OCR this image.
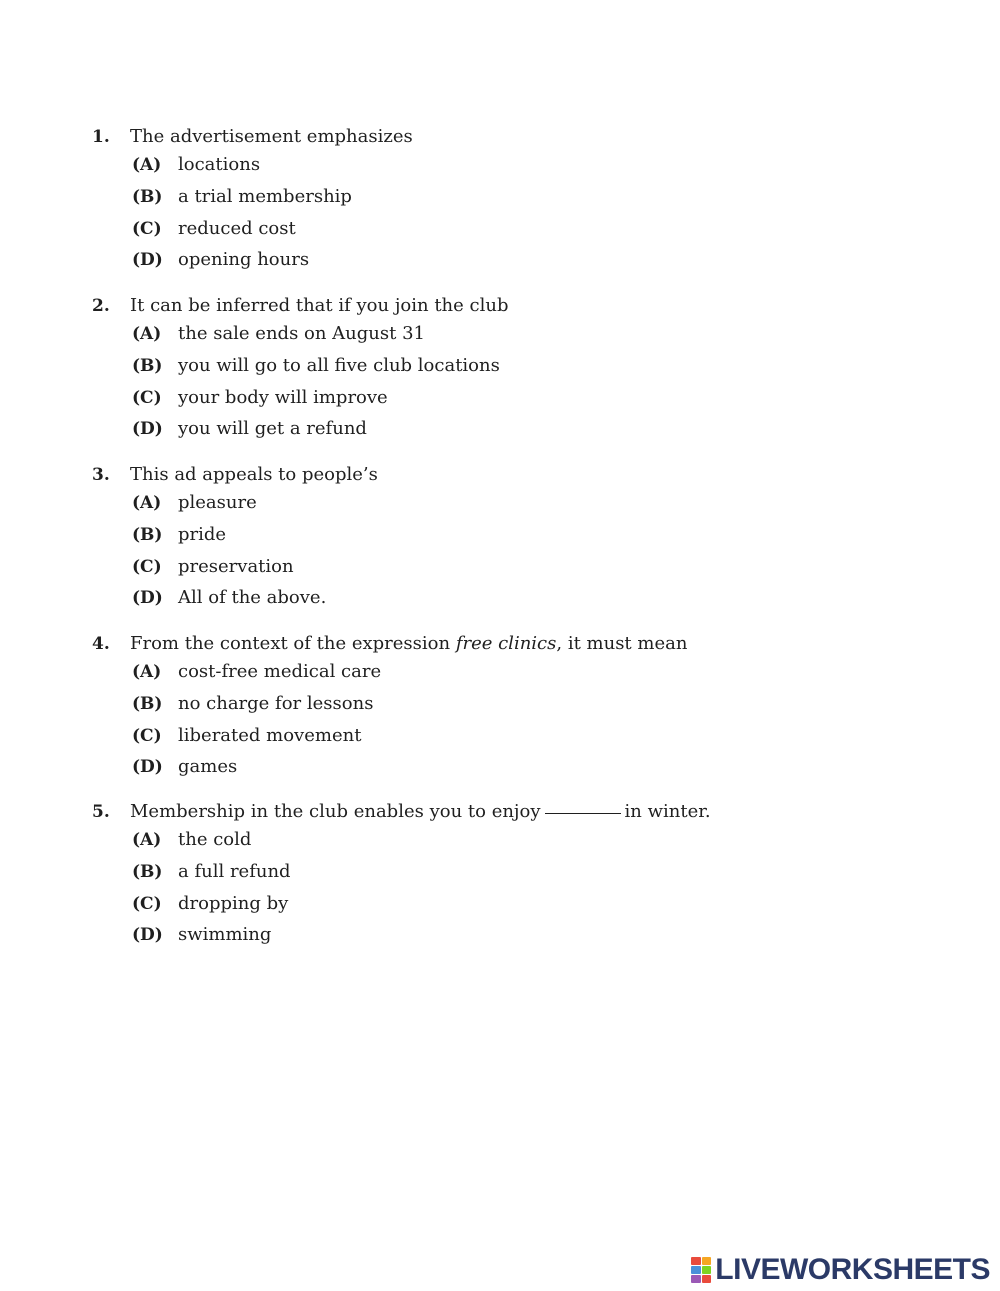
1.	The advertisement emphasizes
(A) locations
(B) a trial membership
(C) reduced cost
(D) opening hours
2.	It can be inferred that if you join the club
(A) the sale ends on August 31
(B) you will go to all five club locations
(C) your body will improve
(D) you will get a refund
3.	This ad appeals to people’s
(A) pleasure
(B) pride
(C) preservation
(D) All of the above.
4.	From the context of the expression free clinics, it must mean
(A) cost-free medical care
(B) no charge for lessons
(C) liberated movement
(D) games
5.	Membership in the club enables you to enjoy	in winter.
(A) the cold
(B) a full refund
(C) dropping by
(D) swimming
LIVEWORKSHEETS
